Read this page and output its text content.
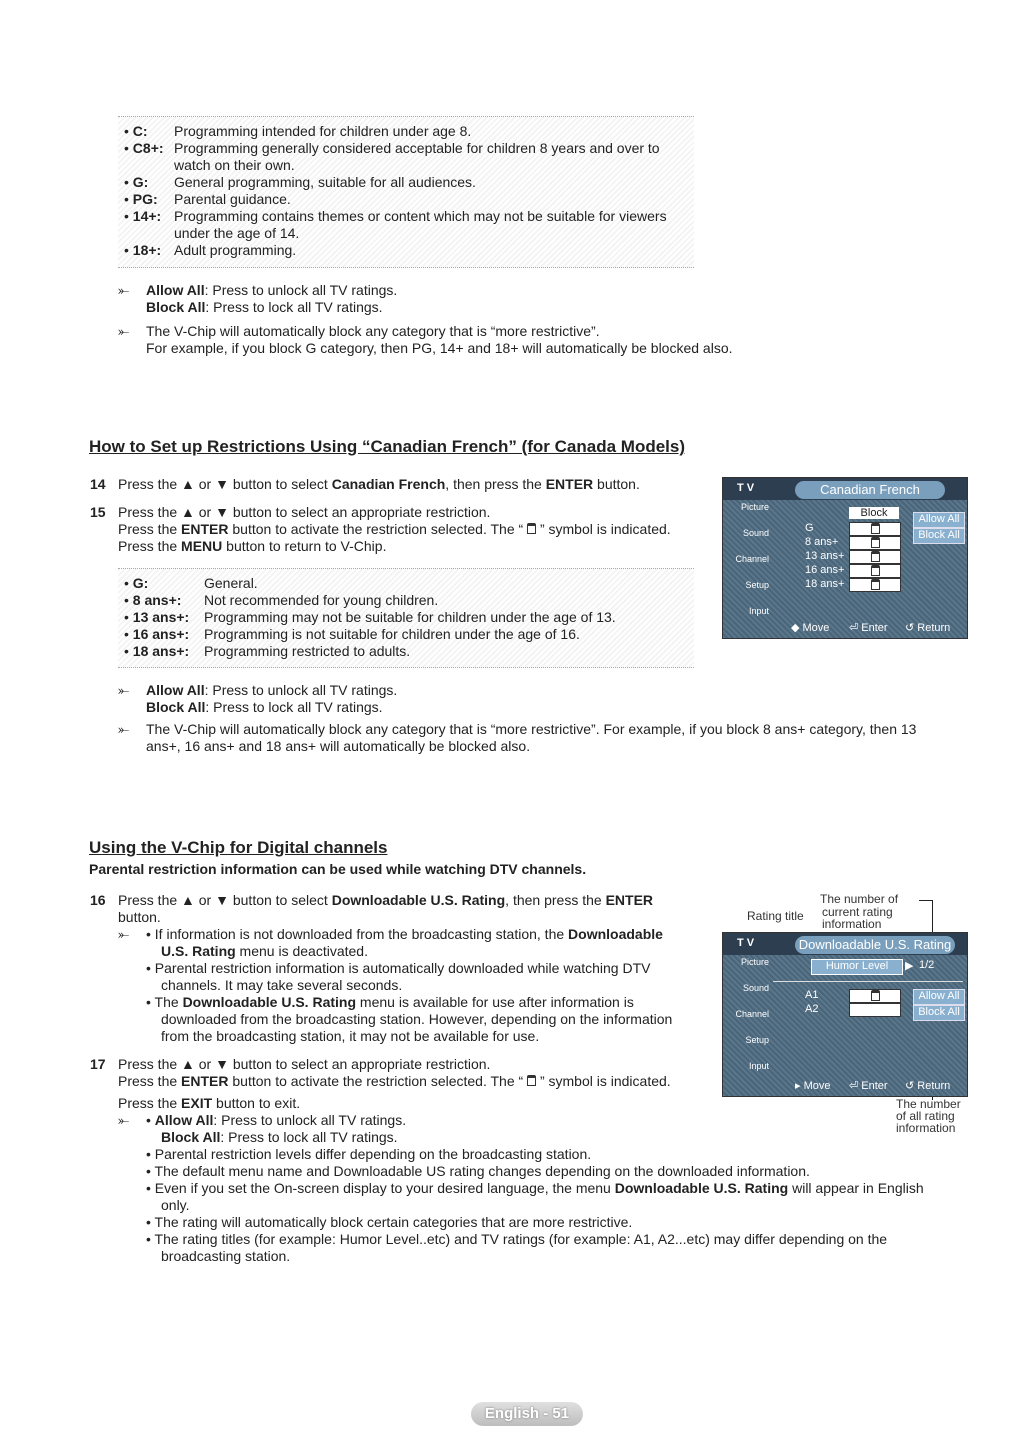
• C: Programming intended for children under age 8.
• C8+: Programming generally considered acceptable for children 8 years and over to
watch on their own.
• G: General programming, suitable for all audiences.
• PG: Parental guidance.
• 14+: Programming contains themes or content which may not be suitable for viewers
under the age of 14.
• 18+: Adult programming.
⤜ Allow All: Press to unlock all TV ratings.
Block All: Press to lock all TV ratings.
⤜ The V-Chip will automatically block any category that is “more restrictive”.
For example, if you block G category, then PG, 14+ and 18+ will automatically be blocked also.
How to Set up Restrictions Using “Canadian French” (for Canada Models)
14 Press the ▲ or ▼ button to select Canadian French, then press the ENTER button.
15 Press the ▲ or ▼ button to select an appropriate restriction.
Press the ENTER button to activate the restriction selected. The “  ” symbol is indicated.
Press the MENU button to return to V-Chip.
• G:	General.
• 8 ans+: Not recommended for young children.
• 13 ans+: Programming may not be suitable for children under the age of 13.
• 16 ans+: Programming is not suitable for children under the age of 16.
• 18 ans+: Programming restricted to adults.
T V	Canadian French
Picture
Sound
Channel
Setup
Input
Block
G
8 ans+
13 ans+
16 ans+
18 ans+
Allow All
Block All
◆ Move ⏎ Enter ↺ Return
⤜ Allow All: Press to unlock all TV ratings.
Block All: Press to lock all TV ratings.
⤜ The V-Chip will automatically block any category that is “more restrictive”. For example, if you block 8 ans+ category, then 13
ans+, 16 ans+ and 18 ans+ will automatically be blocked also.
Using the V-Chip for Digital channels
Parental restriction information can be used while watching DTV channels.
16 Press the ▲ or ▼ button to select Downloadable U.S. Rating, then press the ENTER
button.
⤜ • If information is not downloaded from the broadcasting station, the Downloadable
U.S. Rating menu is deactivated.
• Parental restriction information is automatically downloaded while watching DTV
channels. It may take several seconds.
• The Downloadable U.S. Rating menu is available for use after information is
downloaded from the broadcasting station. However, depending on the information
from the broadcasting station, it may not be available for use.
17 Press the ▲ or ▼ button to select an appropriate restriction.
Press the ENTER button to activate the restriction selected. The “  ” symbol is indicated.
Press the EXIT button to exit.
⤜ • Allow All: Press to unlock all TV ratings.
Block All: Press to lock all TV ratings.
• Parental restriction levels differ depending on the broadcasting station.
• The default menu name and Downloadable US rating changes depending on the downloaded information.
• Even if you set the On-screen display to your desired language, the menu Downloadable U.S. Rating will appear in English
only.
• The rating will automatically block certain categories that are more restrictive.
• The rating titles (for example: Humor Level..etc) and TV ratings (for example: A1, A2...etc) may differ depending on the
broadcasting station.
Rating title
The number of
current rating
information
T V	Downloadable U.S. Rating
Humor Level	▶ 1/2
Picture
Sound
Channel
Setup
Input
A1
A2
Allow All
Block All
▸ Move ⏎ Enter ↺ Return
The number
of all rating
information
English - 51
